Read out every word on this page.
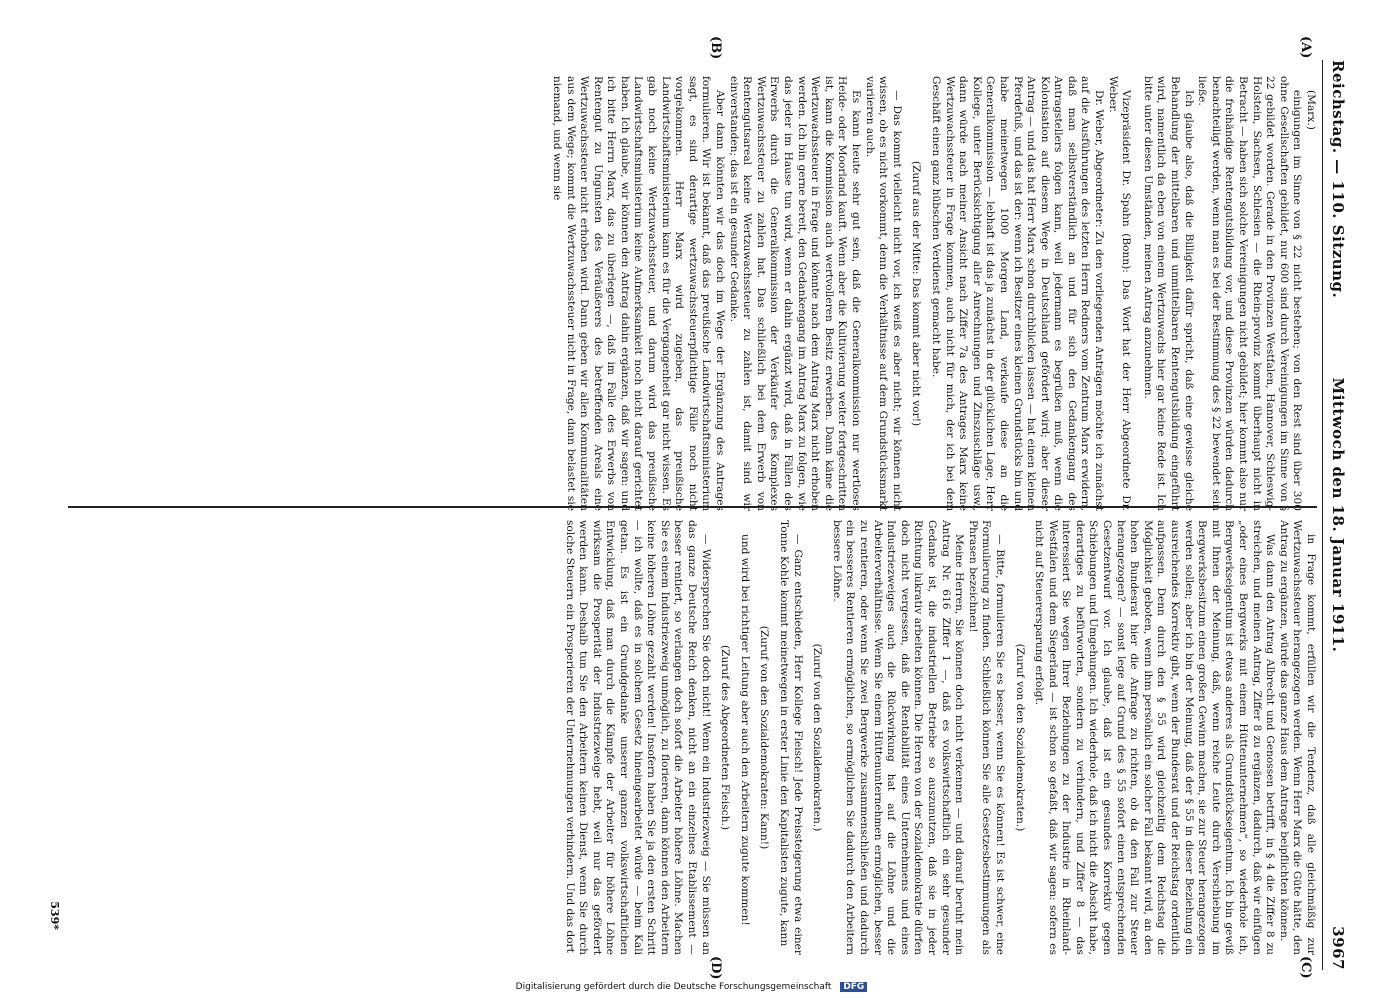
Reichstag. — 110. Sitzung.
Mittwoch den 18. Januar 1911.
3967
(A)
(B)
(C)
(D)

(Marx.)

einigungen im Sinne von § 22 nicht bestehen; von den Rest sind über 300 ohne Gesellschaften gebildet, nur 600 sind durch Vereinigungen im Sinne von § 22 gebildet worden. Gerade in den Provinzen Westfalen, Hannover, Schleswig-Holstein, Sachsen, Schlesien — die Rhein-provinz kommt überhaupt nicht in Betracht — haben sich solche Vereinigungen nicht gebildet; hier kommt also nur die freihändige Rentengutsbildung vor, und diese Provinzen würden dadurch benachteiligt werden, wenn man es bei der Bestimmung des § 22 bewendet sein ließe.

Ich glaube also, daß die Billigkeit dafür spricht, daß eine gewisse gleiche Behandlung der mittelbaren und unmittelbaren Rentengutsbildung eingeführt wird, namentlich da eben von einem Wertzuwachs hier gar keine Rede ist. Ich bitte unter diesen Umständen, meinen Antrag anzunehmen.

Vizepräsident Dr. Spahn (Bonn): Das Wort hat der Herr Abgeordnete Dr. Weber.

Dr. Weber, Abgeordneter: Zu den vorliegenden Anträgen möchte ich zunächst auf die Ausführungen des letzten Herrn Redners vom Zentrum Marx erwidern, daß man selbstverständlich an und für sich den Gedankengang des Antragstellers folgen kann, weil jedermann es begrüßen muß, wenn die Kolonisation auf diesem Wege in Deutschland gefördert wird; aber dieser Antrag — und das hat Herr Marx schon durchblicken lassen — hat einen kleinen Pferdefuß, und das ist der: wenn ich Besitzer eines kleinen Grundstücks bin und habe meinetwegen 1000 Morgen Land, verkaufe diese an die Generalkommission — lebhaft ist das ja zunächst in der glücklichen Lage, Herr Kollege, unter Berücksichtigung aller Anrechnungen und Zinszuschläge usw., dann würde nach meiner Ansicht nach Ziffer 7a des Antrages Marx keine Wertzuwachssteuer in Frage kommen, auch nicht für mich, der ich bei dem Geschäft einen ganz hübschen Verdienst gemacht habe.

(Zuruf aus der Mitte: Das kommt aber nicht vor!)

— Das kommt vielleicht nicht vor, ich weiß es aber nicht; wir können nicht wissen, ob es nicht vorkommt, denn die Verhältnisse auf dem Grundstücksmarkt variieren auch.

Es kann heute sehr gut sein, daß die Generalkommission nur wertloses Heide- oder Moorland kauft. Wenn aber die Kultivierung weiter fortgeschritten ist, kann die Kommission auch wertvolleren Besitz erwerben. Dann käme die Wertzuwachssteuer in Frage und könnte nach dem Antrag Marx nicht erhoben werden. Ich bin gerne bereit, den Gedankengang im Antrag Marx zu folgen, wie das jeder im Hause tun wird, wenn er dahin ergänzt wird, daß in Fällen des Erwerbs durch die Generalkommission der Verkäufer des Komplexes Wertzuwachssteuer zu zahlen hat. Das schließlich bei dem Erwerb von Rentengutsareal keine Wertzuwachssteuer zu zahlen ist, damit sind wir einverstanden; das ist ein gesunder Gedanke.

Aber dann könnten wir das doch im Wege der Ergänzung des Antrages formulieren. Wir ist bekannt, daß das preußische Landwirtschaftsministerium sagt, es sind derartige wertzuwachssteuerpflichtige Fälle noch nicht vorgekommen. Herr Marx wird zugeben, das preußische Landwirtschaftsministerium kann es für die Vergangenheit gar nicht wissen. Es gab noch keine Wertzuwachssteuer, und darum wird das preußische Landwirtschaftsministerium keine Aufmerksamkeit noch nicht darauf gerichtet haben. Ich glaube, wir können den Antrag dahin ergänzen, daß wir sagen: und ich bitte Herrn Marx, das zu überlegen —, daß im Falle des Erwerbs von Rentengut zu Ungunsten des Veräußerers des betreffenden Areals eine Wertzuwachssteuer nicht erhoben wird. Dann geben wir allen Kommunalitäten aus dem Wege; kommt die Wertzuwachssteuer nicht in Frage, dann belastet sie niemand, und wenn sie

in Frage kommt, erfüllen wir die Tendenz, daß alle gleichmäßig zur Wertzuwachssteuer herangezogen werden. Wenn Herr Marx die Güte hätte, den Antrag zu ergänzen, würde das ganze Haus dem Antrage beipflichten können.

Was dann den Antrag Albrecht und Genossen betrifft, in § 4 die Ziffer 8 zu streichen, und meinen Antrag, Ziffer 8 zu ergänzen, dadurch, daß wir einfügen „oder eines Bergwerks mit einem Hüttenunternehmen“, so wiederhole ich, Bergwerkseigentum ist etwas anderes als Grundstückseigentum. Ich bin gewiß mit Ihnen der Meinung, daß, wenn reiche Leute durch Verschiebung im Bergwerksbesitzum einen großen Gewinn machen, sie zur Steuer herangezogen werden sollen; aber ich bin der Meinung, daß der § 55 in dieser Beziehung ein ausreichendes Korrektiv gibt, wenn der Bundesrat und der Reichstag ordentlich aufpassen. Denn durch den § 55 wird gleichzeitig dem Reichstag die Möglichkeit geboten, wenn ihm persönlich ein solcher Fall bekannt wird, an den hohen Bundesrat hier die Anfrage zu richten, ob da den Fall zur Steuer herangezogen? — sonst lege auf Grund des § 55 sofort einen entsprechenden Gesetzentwurf vor. Ich glaube, daß ist ein gesundes Korrektiv gegen Schiebungen und Umgehungen. Ich wiederhole, daß ich nicht die Absicht habe, derartiges zu befürworten, sondern zu verhindern, und Ziffer 8 — das interessiert Sie wegen Ihrer Beziehungen zu der Industrie in Rheinland-Westfalen und dem Siegerland — ist schon so gefaßt, daß wir sagen: sofern es nicht auf Steuerersparung erfolgt.

(Zuruf von den Sozialdemokraten.)

— Bitte, formulieren Sie es besser, wenn Sie es können! Es ist schwer, eine Formulierung zu finden. Schließlich können Sie alle Gesetzesbestimmungen als Phrasen bezeichnen!

Meine Herren, Sie können doch nicht verkennen — und darauf beruht mein Antrag Nr. 616 Ziffer 1 —, daß es volkswirtschaftlich ein sehr gesunder Gedanke ist, die industriellen Betriebe so auszunutzen, daß sie in jeder Richtung lukrativ arbeiten können. Die Herren von der Sozialdemokratie dürfen doch nicht vergessen, daß die Rentabilität eines Unternehmens und eines Industriezweiges auch die Rückwirkung hat auf die Löhne und die Arbeiterverhältnisse. Wenn Sie einem Hüttenunternehmen ermöglichen, besser zu rentieren, oder wenn Sie zwei Bergwerke zusammenschließen und dadurch ein besseres Rentieren ermöglichen, so ermöglichen Sie dadurch den Arbeitern bessere Löhne.

(Zuruf von den Sozialdemokraten.)

— Ganz entschieden, Herr Kollege Fleisch! Jede Preissteigerung etwa einer Tonne Kohle kommt meinetwegen in erster Linie den Kapitalisten zugute, kann

(Zuruf von den Sozialdemokraten: Kann!)

und wird bei richtiger Leitung aber auch den Arbeitern zugute kommen!

(Zuruf des Abgeordneten Fleisch.)

— Widersprechen Sie doch nicht! Wenn ein Industriezweig — Sie müssen an das ganze Deutsche Reich denken, nicht an ein einzelnes Etablissement — besser rentiert, so verlangen doch sofort die Arbeiter höhere Löhne. Machen Sie es einem Industriezweig unmöglich, zu florieren, dann können den Arbeitern keine höheren Löhne gezahlt werden! Insofern haben Sie ja den ersten Schritt — ich wollte, daß es in solchem Gesetz hineingearbeitet würde — beim Kali getan. Es ist ein Grundgedanke unserer ganzen volkswirtschaftlichen Entwicklung, daß man durch die Kämpfe der Arbeiter für höhere Löhne wirksam die Prosperität der Industriezweige hebt, weil nur das gefördert werden kann. Deshalb tun Sie den Arbeitern keinen Dienst, wenn Sie durch solche Steuern ein Prosperieren der Unternehmungen verhindern. Und das dort

539*
Digitalisierung gefördert durch die Deutsche Forschungsgemeinschaft DFG
